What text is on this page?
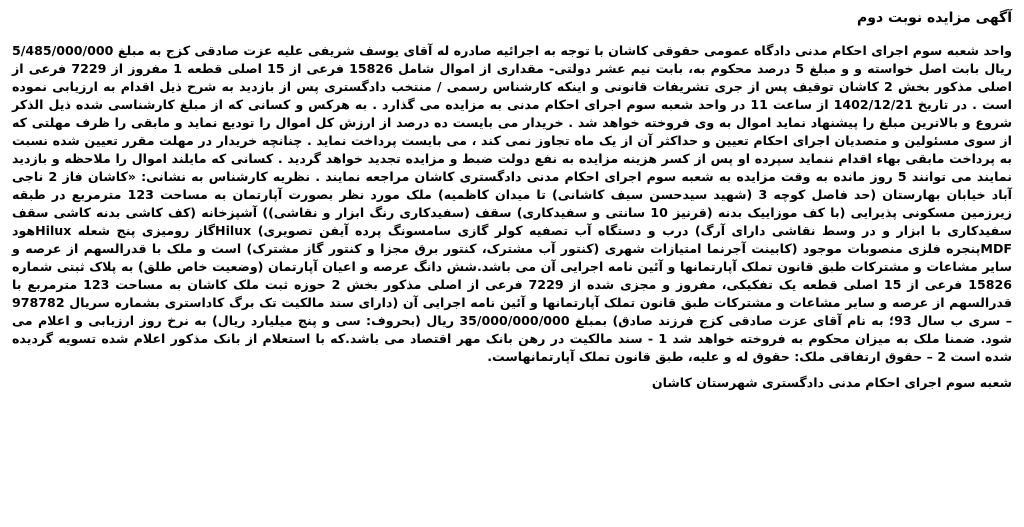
آگهی مزایده نوبت دوم

واحد شعبه سوم اجرای احکام مدنی دادگاه عمومی حقوقی کاشان با توجه به اجرائیه صادره له آقای یوسف شریفی علیه عزت صادقی کزج به مبلغ 5/485/000/000 ریال بابت اصل خواسته و و مبلغ 5 درصد محکوم به، بابت نیم عشر دولتی- مقداری از اموال شامل 15826 فرعی از 15 اصلی قطعه 1 مفروز از 7229 فرعی از اصلی مذکور بخش 2 کاشان توقیف پس از جری تشریفات قانونی و اینکه کارشناس رسمی / منتخب دادگستری پس از بازدید به شرح ذیل اقدام به ارزیابی نموده است . در تاریخ 1402/12/21 از ساعت 11 در واحد شعبه سوم اجرای احکام مدنی به مزایده می گذارد . به هرکس و کسانی که از مبلغ کارشناسی شده ذیل الذکر شروع و بالاترین مبلغ را پیشنهاد نماید اموال به وی فروخته خواهد شد . خریدار می بایست ده درصد از ارزش کل اموال را تودیع نماید و مابقی را ظرف مهلتی که از سوی مسئولین و متصدیان اجرای احکام تعیین و حداکثر آن از یک ماه تجاوز نمی کند ، می بایست پرداخت نماید . چنانچه خریدار در مهلت مقرر تعیین شده نسبت به پرداخت مابقی بهاء اقدام ننماید سپرده او پس از کسر هزینه مزایده به نفع دولت ضبط و مزایده تجدید خواهد گردید . کسانی که مایلند اموال را ملاحظه و بازدید نمایند می توانند 5 روز مانده به وقت مزایده به شعبه سوم اجرای احکام مدنی دادگستری کاشان مراجعه نمایند . نظریه کارشناس به نشانی: «کاشان فاز 2 ناجی آباد خیابان بهارستان (حد فاصل کوچه 3 (شهید سیدحسن سیف کاشانی) تا میدان کاظمیه) ملک مورد نظر بصورت آپارتمان به مساحت 123 مترمربع در طبقه زیرزمین مسکونی پذیرایی (با کف موزاییک بدنه (قرنیز 10 سانتی و سفیدکاری) سقف (سفیدکاری رنگ ابزار و نقاشی)) آشپزخانه (کف کاشی بدنه کاشی سقف سفیدکاری با ابزار و در وسط نقاشی دارای آرگ) درب و دستگاه آب تصفیه کولر گازی سامسونگ پرده آیفن تصویری) Hiluxگاز رومیزی پنج شعله Hiluxهود MDFپنجره فلزی منصوبات موجود (کابینت آجرنما امتیازات شهری (کنتور آب مشترک، کنتور برق مجزا و کنتور گاز مشترک) است و ملک با قدرالسهم از عرصه و سایر مشاعات و مشترکات طبق قانون تملک آپارتمانها و آئین نامه اجرایی آن می باشد.شش دانگ عرصه و اعیان آپارتمان (وضعیت خاص طلق) به پلاک ثبتی شماره 15826 فرعی از 15 اصلی قطعه یک تفکیکی، مفروز و مجزی شده از 7229 فرعی از اصلی مذکور بخش 2 حوزه ثبت ملک کاشان به مساحت 123 مترمربع با قدرالسهم از عرصه و سایر مشاعات و مشترکات طبق قانون تملک آپارتمانها و آئین نامه اجرایی آن (دارای سند مالکیت تک برگ کاداستری بشماره سریال 978782 – سری ب سال 93؛ به نام آقای عزت صادقی کزج فرزند صادق) بمبلغ 35/000/000/000 ریال (بحروف: سی و پنج میلیارد ریال) به نرخ روز ارزیابی و اعلام می شود. ضمنا ملک به میزان محکوم به فروخته خواهد شد 1 - سند مالکیت در رهن بانک مهر اقتصاد می باشد.که با استعلام از بانک مذکور اعلام شده تسویه گردیده شده است 2 – حقوق ارتفاقی ملک: حقوق له و علیه، طبق قانون تملک آپارتمانهاست.

شعبه سوم اجرای احکام مدنی دادگستری شهرستان کاشان
